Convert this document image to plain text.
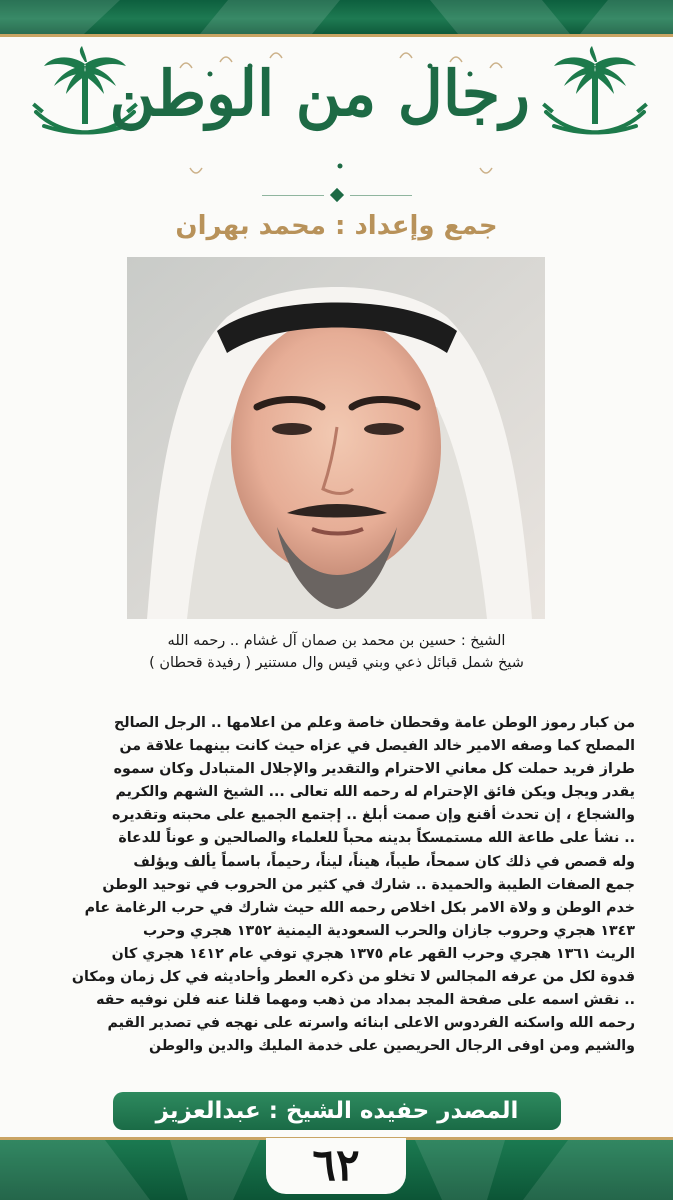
رجال من الوطن
جمع وإعداد : محمد بهران
الشيخ : حسين بن محمد بن صمان آل غشام .. رحمه الله
شيخ شمل قبائل ذعي وبني قيس وال مستنير ( رفيدة قحطان )
من كبار رموز الوطن عامة وقحطان خاصة وعلم من اعلامها .. الرجل الصالح
المصلح كما وصفه الامير خالد الفيصل في عزاه حيث كانت بينهما علاقة من
طراز فريد حملت كل معاني الاحترام والتقدير والإجلال المتبادل وكان سموه
يقدر ويجل ويكن فائق الإحترام له رحمه الله تعالى ... الشيخ الشهم والكريم
والشجاع ، إن تحدث أقنع وإن صمت أبلغ .. إجتمع الجميع على محبته وتقديره
.. نشأ على طاعة الله مستمسكاً بدينه محباً للعلماء والصالحين و عوناً للدعاة
وله قصص في ذلك كان سمحاً، طيباً، هيناً، ليناً، رحيماً، باسماً يألف ويؤلف
جمع الصفات الطيبة والحميدة .. شارك في كثير من الحروب في توحيد الوطن
خدم الوطن و ولاة الامر بكل اخلاص رحمه الله حيث شارك في حرب الرغامة عام
١٣٤٣ هجري وحروب جازان والحرب السعودية اليمنية ١٣٥٢ هجري وحرب
الريث ١٣٦١ هجري وحرب القهر عام ١٣٧٥ هجري توفي عام ١٤١٢ هجري كان
قدوة لكل من عرفه المجالس لا تخلو من ذكره العطر وأحاديثه في كل زمان ومكان
.. نقش اسمه على صفحة المجد بمداد من ذهب ومهما قلنا عنه فلن نوفيه حقه
رحمه الله واسكنه الفردوس الاعلى ابنائه واسرته على نهجه في تصدير القيم
والشيم ومن اوفى الرجال الحريصين على خدمة المليك والدين والوطن
المصدر حفيده الشيخ : عبدالعزيز
٦٢
